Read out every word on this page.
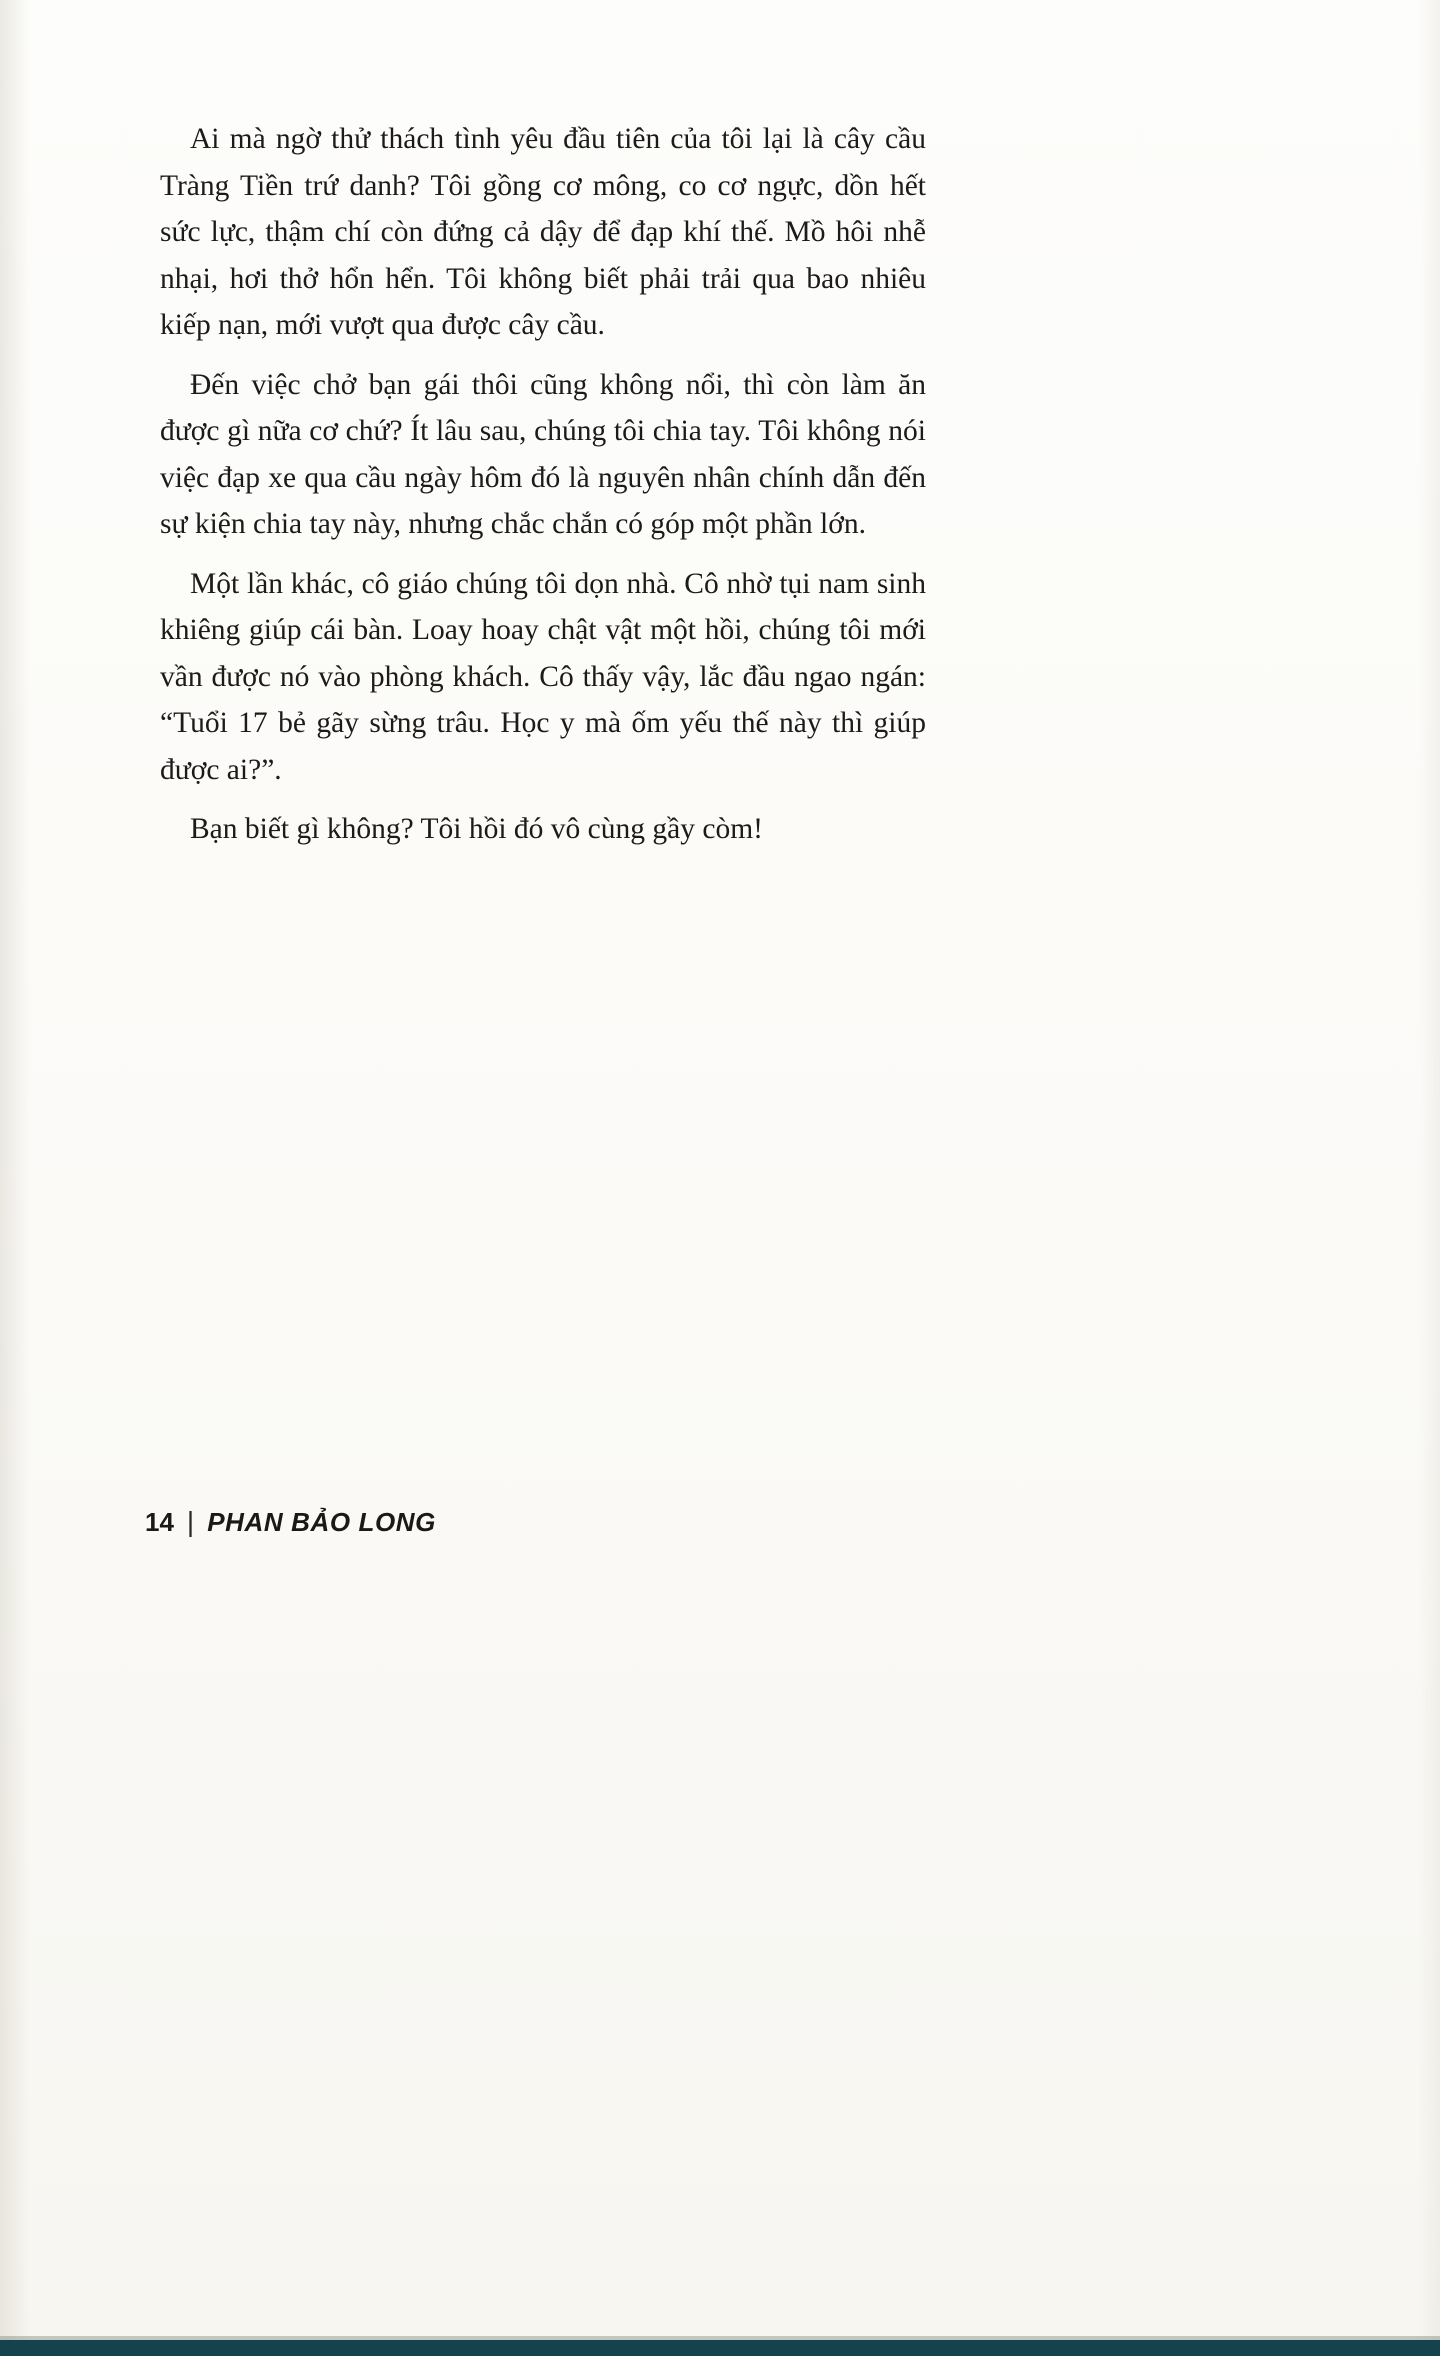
Ai mà ngờ thử thách tình yêu đầu tiên của tôi lại là cây cầu Tràng Tiền trứ danh? Tôi gồng cơ mông, co cơ ngực, dồn hết sức lực, thậm chí còn đứng cả dậy để đạp khí thế. Mồ hôi nhễ nhại, hơi thở hổn hển. Tôi không biết phải trải qua bao nhiêu kiếp nạn, mới vượt qua được cây cầu.

Đến việc chở bạn gái thôi cũng không nổi, thì còn làm ăn được gì nữa cơ chứ? Ít lâu sau, chúng tôi chia tay. Tôi không nói việc đạp xe qua cầu ngày hôm đó là nguyên nhân chính dẫn đến sự kiện chia tay này, nhưng chắc chắn có góp một phần lớn.

Một lần khác, cô giáo chúng tôi dọn nhà. Cô nhờ tụi nam sinh khiêng giúp cái bàn. Loay hoay chật vật một hồi, chúng tôi mới vần được nó vào phòng khách. Cô thấy vậy, lắc đầu ngao ngán: “Tuổi 17 bẻ gãy sừng trâu. Học y mà ốm yếu thế này thì giúp được ai?”.

Bạn biết gì không? Tôi hồi đó vô cùng gầy còm!

14 | PHAN BẢO LONG
